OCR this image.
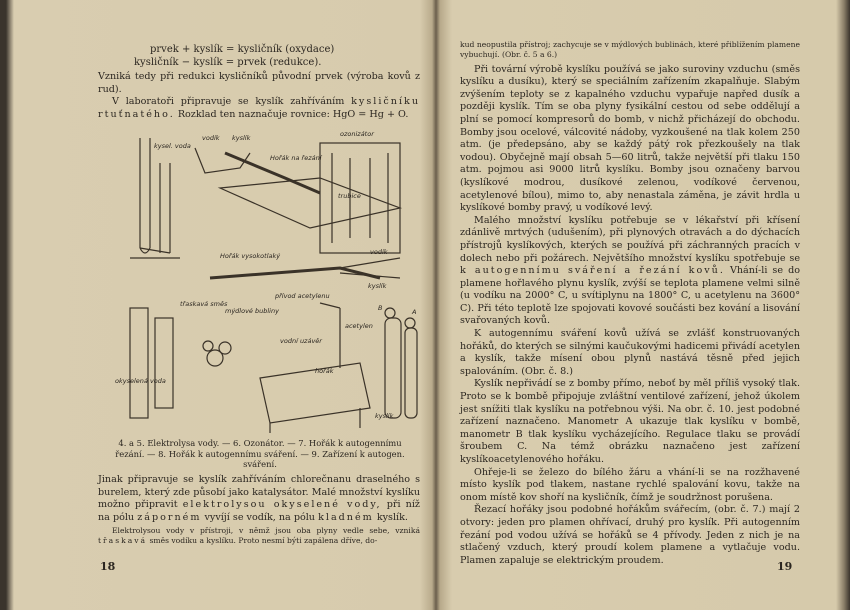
prvek + kyslík = kysličník (oxydace)
kysličník − kyslík = prvek (redukce).

Vzniká tedy při redukci kysličníků původní prvek (výroba kovů z rud).

V laboratoři připravuje se kyslík zahříváním kysličníku rtuťnatého. Rozklad ten naznačuje rovnice: HgO = Hg + O.

kysel. voda
vodík kyslík
Hořák na řezání
ozonizátor
trubice
Hořák vysokotlaký	vodík
kyslík
třaskavá směs
mýdlové bubliny
okyselená voda
přívod acetylenu
vodní uzávěr
acetylen
kyslík
B	A
hořák
4. a 5. Elektrolysa vody. — 6. Ozonátor. — 7. Hořák k autogennímu
řezání. — 8. Hořák k autogennímu sváření. — 9. Zařízení k autogen.
sváření.

Jinak připravuje se kyslík zahříváním chlorečnanu draselného s burelem, který zde působí jako katalysátor. Malé množství kyslíku možno připravit elektrolysou okyselené vody, při níž na pólu záporném vyvíjí se vodík, na pólu kladném kyslík.

Elektrolysou vody v přístroji, v němž jsou oba plyny vedle sebe, vzniká třaskavá směs vodíku a kyslíku. Proto nesmí býti zapálena dříve, do-

18

kud neopustila přístroj; zachycuje se v mýdlových bublinách, které přiblížením plamene vybuchují. (Obr. č. 5 a 6.)

Při tovární výrobě kyslíku používá se jako suroviny vzduchu (směs kyslíku a dusíku), který se speciálním zařízením zkapalňuje. Slabým zvýšením teploty se z kapalného vzduchu vypařuje napřed dusík a později kyslík. Tím se oba plyny fysikální cestou od sebe oddělují a plní se pomocí kompresorů do bomb, v nichž přicházejí do obchodu. Bomby jsou ocelové, válcovité nádoby, vyzkoušené na tlak kolem 250 atm. (je předepsáno, aby se každý pátý rok přezkoušely na tlak vodou). Obyčejně mají obsah 5—60 litrů, takže největší při tlaku 150 atm. pojmou asi 9000 litrů kyslíku. Bomby jsou označeny barvou (kyslíkové modrou, dusíkové zelenou, vodíkové červenou, acetylenové bílou), mimo to, aby nenastala záměna, je závit hrdla u kyslíkové bomby pravý, u vodíkové levý.

Malého množství kyslíku potřebuje se v lékařství při křísení zdánlivě mrtvých (udušením), při plynových otravách a do dýchacích přístrojů kyslíkových, kterých se používá při záchranných pracích v dolech nebo při požárech. Největšího množství kyslíku spotřebuje se k autogennímu sváření a řezání kovů. Vhání-li se do plamene hořlavého plynu kyslík, zvýší se teplota plamene velmi silně (u vodíku na 2000° C, u svítiplynu na 1800° C, u acetylenu na 3600° C). Při této teplotě lze spojovati kovové součásti bez kování a lisování svařovaných kovů.

K autogennímu sváření kovů užívá se zvlášť konstruovaných hořáků, do kterých se silnými kaučukovými hadicemi přivádí acetylen a kyslík, takže mísení obou plynů nastává těsně před jejich spalováním. (Obr. č. 8.)

Kyslík nepřivádí se z bomby přímo, neboť by měl příliš vysoký tlak. Proto se k bombě připojuje zvláštní ventilové zařízení, jehož úkolem jest snížiti tlak kyslíku na potřebnou výši. Na obr. č. 10. jest podobné zařízení naznačeno. Manometr A ukazuje tlak kyslíku v bombě, manometr B tlak kyslíku vycházejícího. Regulace tlaku se provádí šroubem C. Na témž obrázku naznačeno jest zařízení kyslíkoacetylenového hořáku.

Ohřeje-li se železo do bílého žáru a vhání-li se na rozžhavené místo kyslík pod tlakem, nastane rychlé spalování kovu, takže na onom místě kov shoří na kysličník, čímž je soudržnost porušena.

Řezací hořáky jsou podobné hořákům svářecím, (obr. č. 7.) mají 2 otvory: jeden pro plamen ohřívací, druhý pro kyslík. Při autogenním řezání pod vodou užívá se hořáků se 4 přívody. Jeden z nich je na stlačený vzduch, který proudí kolem plamene a vytlačuje vodu. Plamen zapaluje se elektrickým proudem.	19
